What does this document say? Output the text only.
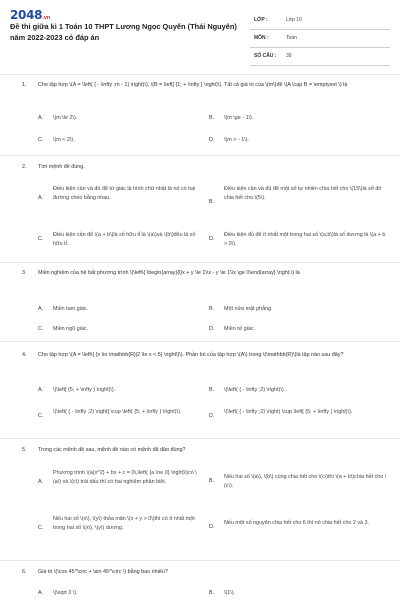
2048.vn
Đề thi giữa kì 1 Toán 10 THPT Lương Ngọc Quyến (Thái Nguyên) năm 2022-2023 có đáp án
LỚP :	Lớp 10
MÔN :	Toán
SỐ CÂU : 39
1. Cho tập hợp \(A = \left( { - \infty ;m - 1} \right)\), \(B = \left[ {1; + \infty } \right)\). Tất cả giá trị của \(m\)để \(A \cap B = \emptyset \) là
A.	\(m \le 2\).	B.	\(m \ge - 1\).
C.	\(m < 2\).	D.	\(m > - 1\).
2. Tìm mệnh đề đúng.
A.
Điều kiện cần và đủ để tứ giác là hình chữ nhật là nó có hai đường chéo bằng nhau.
B.
Điều kiện cần và đủ để một số tự nhiên chia hết cho \(15\)là số đó chia hết cho \(5\).
C.
Điều kiện cần để \(a + b\)là số hữu tỉ là \(a\)và \(b\)đều là số hữu tỉ.
D.
Điều kiện đủ để ít nhất một trong hai số \(a,b\)là số dương là \(a + b > 0\).
3. Miền nghiệm của hệ bất phương trình \(\left\{ \begin{array}{l}x + y \le 1\\x - y \le 1\\x \ge 0\end{array} \right.\) là
A.	Miền tam giác.	B.	Một nửa mặt phẳng.
C.	Miền ngũ giác.	D.	Miền tứ giác.
4. Cho tập hợp \(A = \left\{ {x \in \mathbb{R}|2 \le x < 5} \right\}\). Phần bù của tập hợp \(A\) trong \(\mathbb{R}\)là tập nào sau đây?
A.	\(\left[ {5; + \infty } \right)\).	B.	\(\left( { - \infty ;2} \right)\).
C.
\(\left( { - \infty ;2} \right] \cup \left( {5; + \infty } \right)\).
D.
\(\left( { - \infty ;2} \right) \cup \left[ {5; + \infty } \right)\).
5. Trong các mệnh đề sau, mệnh đề nào có mệnh đề đảo đúng?
A.
Phương trình \(a{x^2} + bx + c = 0\,\left( {a \ne 0} \right)\)có \(a\) và \(c\) trái dấu thì có hai nghiệm phân biệt.	B.
Nếu hai số \(a\), \(b\) cùng chia hết cho \(c\)thì \(a + b\)chia hết cho \(c\).
C.
Nếu hai số \(x\), \(y\) thỏa mãn \(x + y > 0\)thì có ít nhất một trong hai số \(x\), \(y\) dương.	D.
Nếu một số nguyên chia hết cho 6 thì nó chia hết cho 2 và 3.
6. Giá trị \(\cos 45^\circ + \sin 45^\circ \) bằng bao nhiêu?
A.	\(\sqrt 3 \).	B.	\(1\).
